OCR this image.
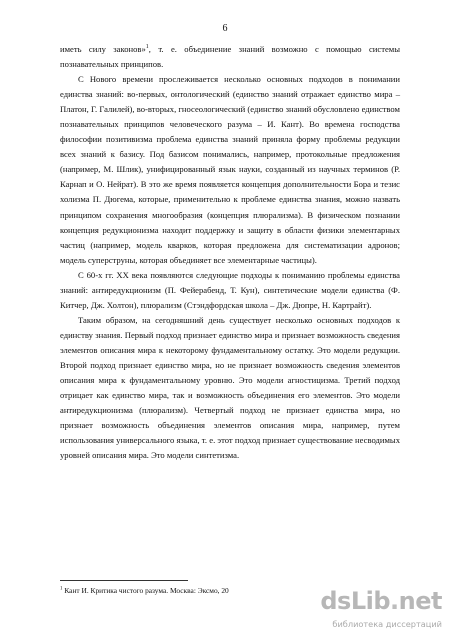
6

иметь силу законов»$^1$, т. е. объединение знаний возможно с помощью системы познавательных принципов.

С Нового времени прослеживается несколько основных подходов в понимании единства знаний: во-первых, онтологический (единство знаний отражает единство мира – Платон, Г. Галилей), во-вторых, гносеологический (единство знаний обусловлено единством познавательных принципов человеческого разума – И. Кант). Во времена господства философии позитивизма проблема единства знаний приняла форму проблемы редукции всех знаний к базису. Под базисом понимались, например, протокольные предложения (например, М. Шлик), унифицированный язык науки, созданный из научных терминов (Р. Карнап и О. Нейрат). В это же время появляется концепция дополнительности Бора и тезис холизма П. Дюгема, которые, применительно к проблеме единства знания, можно назвать принципом сохранения многообразия (концепция плюрализма). В физическом познании концепция редукционизма находит поддержку и защиту в области физики элементарных частиц (например, модель кварков, которая предложена для систематизации адронов; модель суперструны, которая объединяет все элементарные частицы).

С 60-х гг. XX века появляются следующие подходы к пониманию проблемы единства знаний: антиредукционизм (П. Фейерабенд, Т. Кун), синтетические модели единства (Ф. Китчер, Дж. Холтон), плюрализм (Стэндфордская школа – Дж. Дюпре, Н. Картрайт).

Таким образом, на сегодняшний день существует несколько основных подходов к единству знания. Первый подход признает единство мира и признает возможность сведения элементов описания мира к некоторому фундаментальному остатку. Это модели редукции. Второй подход признает единство мира, но не признает возможность сведения элементов описания мира к фундаментальному уровню. Это модели агностицизма. Третий подход отрицает как единство мира, так и возможность объединения его элементов. Это модели антиредукционизма (плюрализм). Четвертый подход не признает единства мира, но признает возможность объединения элементов описания мира, например, путем использования универсального языка, т. е. этот подход признает существование несводимых уровней описания мира. Это модели синтетизма.

$^1$ Кант И. Критика чистого разума. Москва: Эксмо, 20	dsLib.net
библиотека диссертаций
